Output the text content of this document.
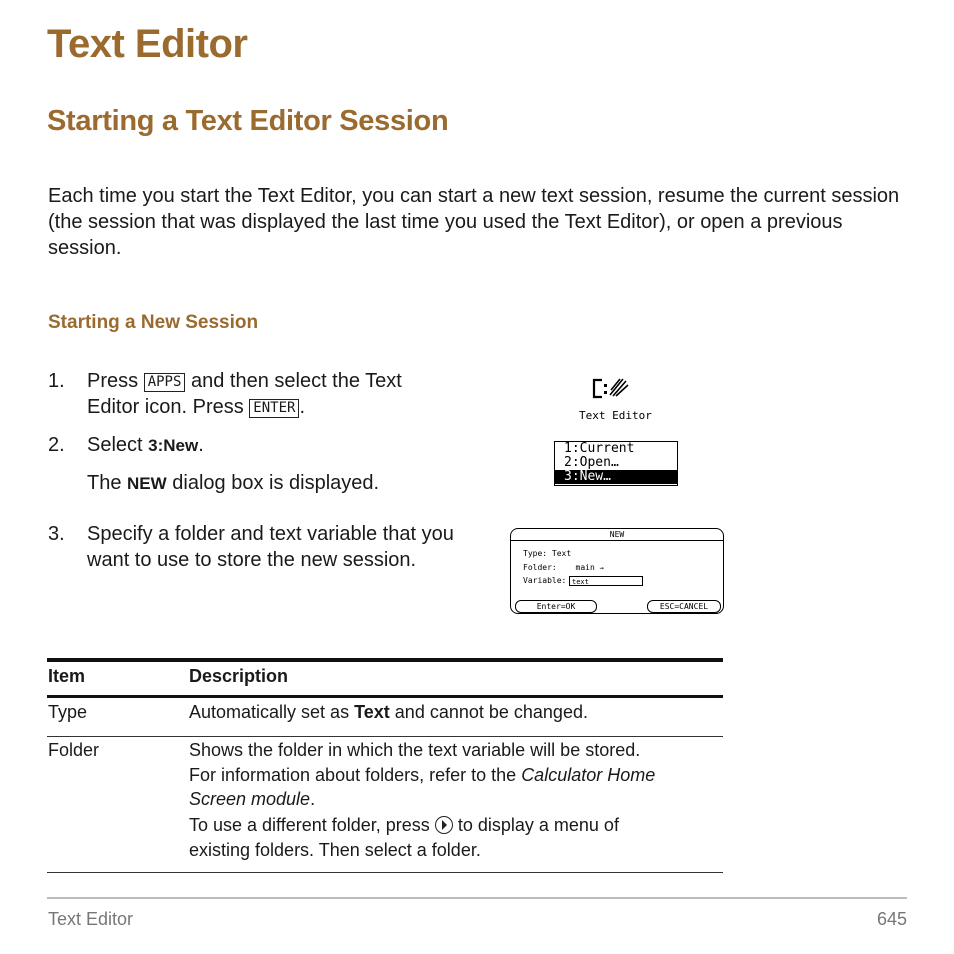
Text Editor
Starting a Text Editor Session

Each time you start the Text Editor, you can start a new text session, resume the current session (the session that was displayed the last time you used the Text Editor), or open a previous session.

Starting a New Session
1. Press APPS and then select the Text
Editor icon. Press ENTER .	Text Editor
2. Select 3:New.
The NEW dialog box is displayed.
1:Current
2:Open…
3:New…
3. Specify a folder and text variable that you
want to use to store the new session.
NEW
Type: Text
Folder: main →
Variable: text
Enter=OK	ESC=CANCEL
Item	Description
Type	Automatically set as Text and cannot be changed.
Folder	Shows the folder in which the text variable will be stored.
For information about folders, refer to the Calculator Home
Screen module.
To use a different folder, press to display a menu of
existing folders. Then select a folder.
Text Editor	645
